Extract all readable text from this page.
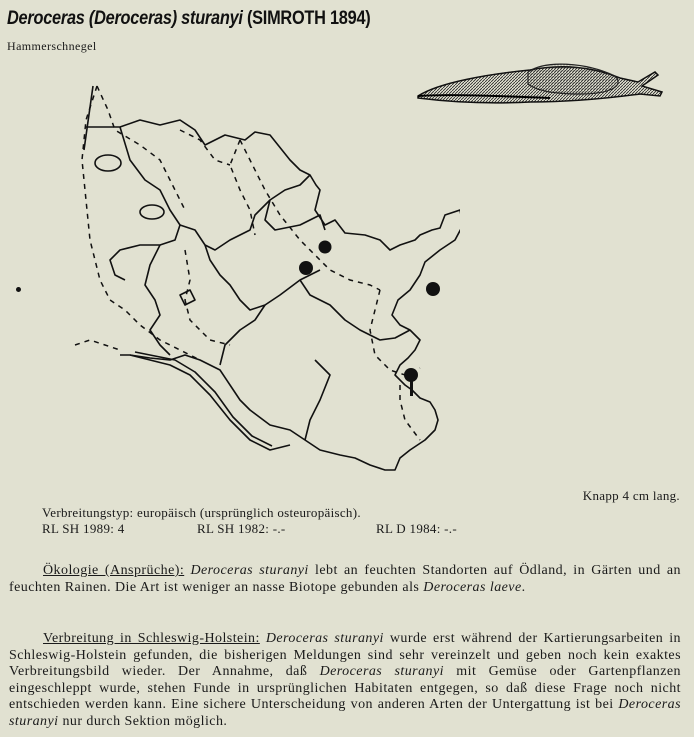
Deroceras (Deroceras) sturanyi (SIMROTH 1894)
Hammerschnegel
Knapp 4 cm lang.
Verbreitungstyp: europäisch (ursprünglich osteuropäisch).
RL SH 1989: 4	RL SH 1982: -.-	RL D 1984: -.-

Ökologie (Ansprüche): Deroceras sturanyi lebt an feuchten Standorten auf Ödland, in Gärten und an feuchten Rainen. Die Art ist weniger an nasse Biotope gebunden als Deroceras laeve.

Verbreitung in Schleswig-Holstein: Deroceras sturanyi wurde erst während der Kartierungsarbeiten in Schleswig-Holstein gefunden, die bisherigen Meldungen sind sehr vereinzelt und geben noch kein exaktes Verbreitungsbild wieder. Der Annahme, daß Deroceras sturanyi mit Gemüse oder Gartenpflanzen eingeschleppt wurde, stehen Funde in ursprünglichen Habitaten entgegen, so daß diese Frage noch nicht entschieden werden kann. Eine sichere Unterscheidung von anderen Arten der Untergattung ist bei Deroceras sturanyi nur durch Sektion möglich.
